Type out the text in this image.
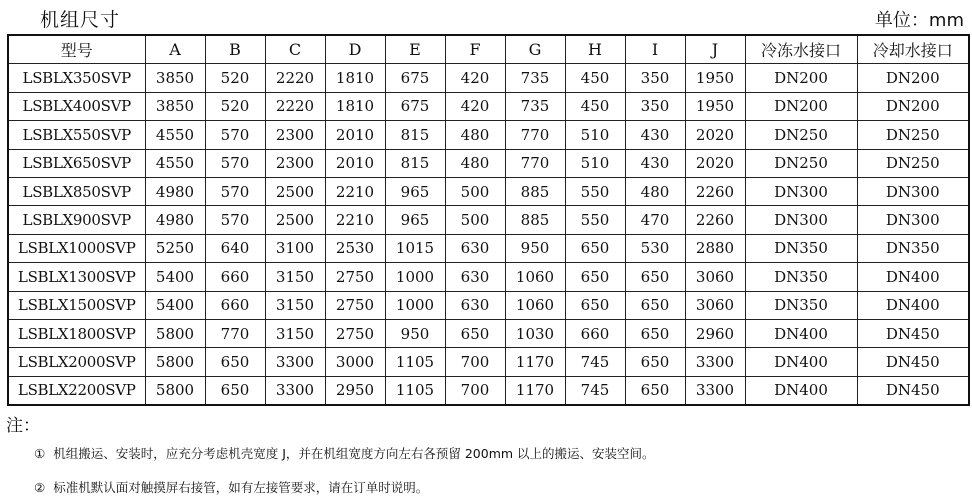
机组尺寸	单位：mm
型号	A	B	C	D	E	F	G	H	I	J	冷冻水接口	冷却水接口
LSBLX350SVP	3850	520	2220	1810	675	420	735	450	350	1950	DN200	DN200
LSBLX400SVP	3850	520	2220	1810	675	420	735	450	350	1950	DN200	DN200
LSBLX550SVP	4550	570	2300	2010	815	480	770	510	430	2020	DN250	DN250
LSBLX650SVP	4550	570	2300	2010	815	480	770	510	430	2020	DN250	DN250
LSBLX850SVP	4980	570	2500	2210	965	500	885	550	480	2260	DN300	DN300
LSBLX900SVP	4980	570	2500	2210	965	500	885	550	470	2260	DN300	DN300
LSBLX1000SVP	5250	640	3100	2530	1015	630	950	650	530	2880	DN350	DN350
LSBLX1300SVP	5400	660	3150	2750	1000	630	1060	650	650	3060	DN350	DN400
LSBLX1500SVP	5400	660	3150	2750	1000	630	1060	650	650	3060	DN350	DN400
LSBLX1800SVP	5800	770	3150	2750	950	650	1030	660	650	2960	DN400	DN450
LSBLX2000SVP	5800	650	3300	3000	1105	700	1170	745	650	3300	DN400	DN450
LSBLX2200SVP	5800	650	3300	2950	1105	700	1170	745	650	3300	DN400	DN450
注：
① 机组搬运、安装时，应充分考虑机壳宽度 J，并在机组宽度方向左右各预留 200mm 以上的搬运、安装空间。
② 标准机默认面对触摸屏右接管，如有左接管要求，请在订单时说明。
